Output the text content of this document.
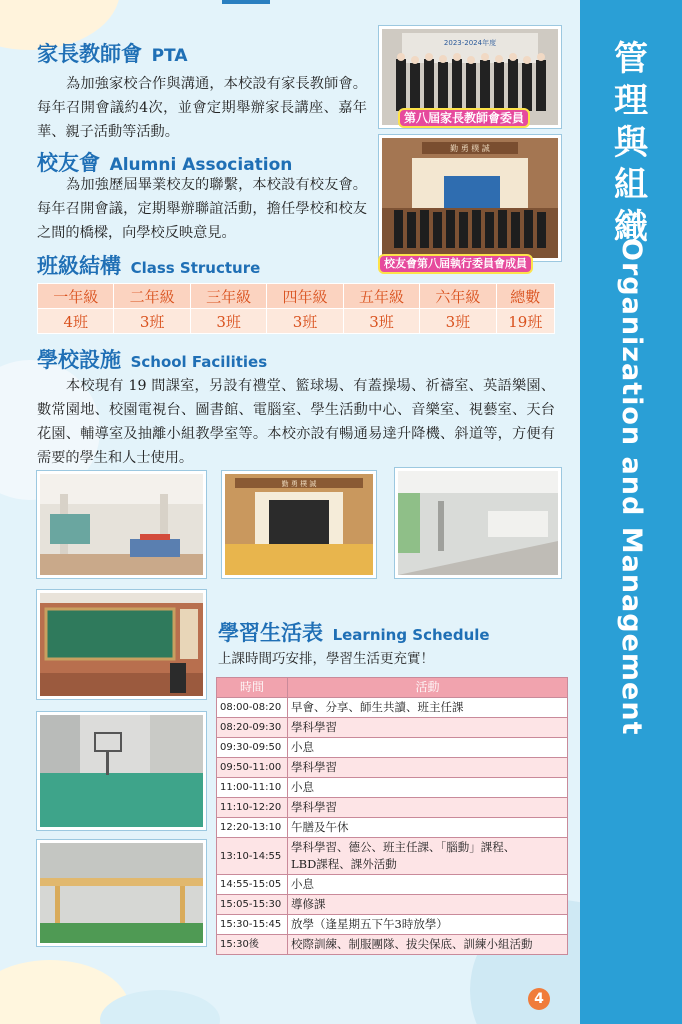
管
理
與
組
織
Organization and Management
家長教師會 PTA
為加強家校合作與溝通，本校設有家長教師會。每年召開會議約4次，並會定期舉辦家長講座、嘉年華、親子活動等活動。
2023-2024年度
第八屆家長教師會委員
校友會 Alumni Association
為加強歷屆畢業校友的聯繫，本校設有校友會。每年召開會議，定期舉辦聯誼活動，擔任學校和校友之間的橋樑，向學校反映意見。
勤 勇 樸 誠
校友會第八屆執行委員會成員
班級結構 Class Structure
一年級	二年級	三年級	四年級	五年級	六年級	總數
4班	3班	3班	3班	3班	3班	19班
學校設施 School Facilities
本校現有 19 間課室，另設有禮堂、籃球場、有蓋操場、祈禱室、英語樂園、數常園地、校園電視台、圖書館、電腦室、學生活動中心、音樂室、視藝室、天台花園、輔導室及抽離小組教學室等。本校亦設有暢通易達升降機、斜道等，方便有需要的學生和人士使用。
勤 勇 樸 誠
學習生活表 Learning Schedule
上課時間巧安排，學習生活更充實！
時間	活動
08:00-08:20	早會、分享、師生共讀、班主任課
08:20-09:30	學科學習
09:30-09:50	小息
09:50-11:00	學科學習
11:00-11:10	小息
11:10-12:20	學科學習
12:20-13:10	午膳及午休
13:10-14:55	學科學習、德公、班主任課、「腦動」課程、
LBD課程、課外活動

14:55-15:05	小息
15:05-15:30	導修課
15:30-15:45	放學（逢星期五下午3時放學）
15:30後	校際訓練、制服團隊、拔尖保底、訓練小組活動
4
